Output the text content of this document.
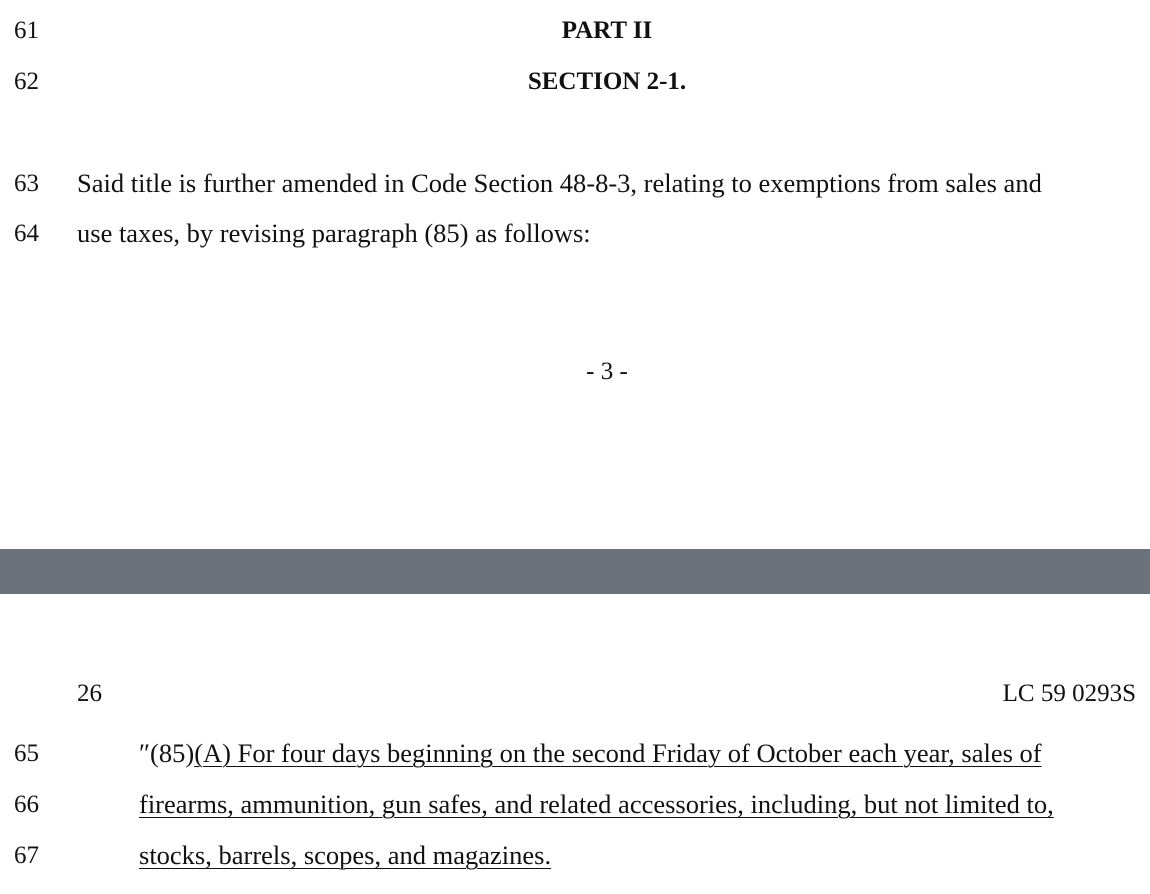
61	PART II
62	SECTION 2-1.
63 Said title is further amended in Code Section 48-8-3, relating to exemptions from sales and
64 use taxes, by revising paragraph (85) as follows:
- 3 -
26	LC 59 0293S
65	″(85)(A) For four days beginning on the second Friday of October each year, sales of
66	firearms, ammunition, gun safes, and related accessories, including, but not limited to,
67	stocks, barrels, scopes, and magazines.
